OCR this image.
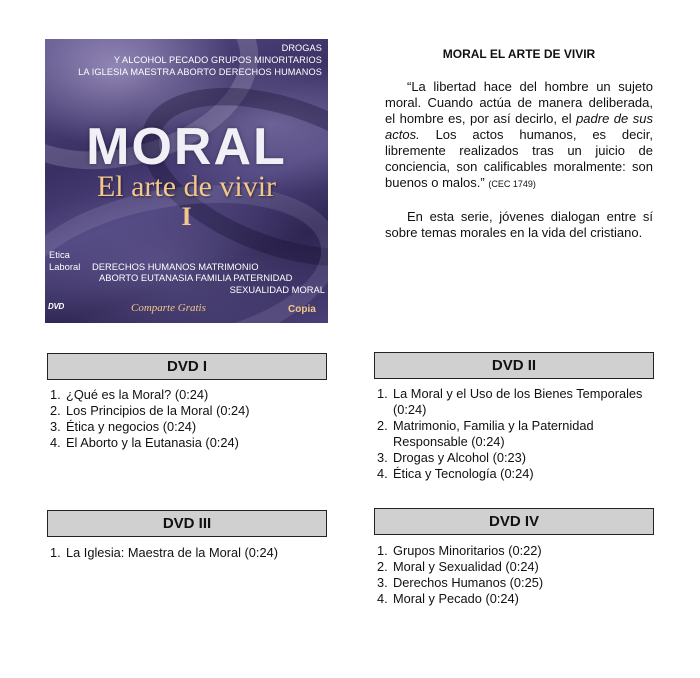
DROGAS
Y ALCOHOL PECADO GRUPOS MINORITARIOS
LA IGLESIA MAESTRA ABORTO DERECHOS HUMANOS
MORAL
El arte de vivir
I
Etica
Laboral DERECHOS HUMANOS MATRIMONIO
ABORTO EUTANASIA FAMILIA PATERNIDAD
SEXUALIDAD MORAL
DVD	Comparte Gratis	Copia
MORAL EL ARTE DE VIVIR

“La libertad hace del hombre un sujeto moral. Cuando actúa de manera deliberada, el hombre es, por así decirlo, el padre de sus actos. Los actos humanos, es decir, libremente realizados tras un juicio de conciencia, son calificables moralmente: son buenos o malos.” (CEC 1749)

En esta serie, jóvenes dialogan entre sí sobre temas morales en la vida del cristiano.

DVD I
1. ¿Qué es la Moral? (0:24)
2. Los Principios de la Moral (0:24)
3. Ética y negocios (0:24)
4. El Aborto y la Eutanasia (0:24)
DVD II
1. La Moral y el Uso de los Bienes Temporales (0:24)
2. Matrimonio, Familia y la Paternidad Responsable (0:24)
3. Drogas y Alcohol (0:23)
4. Ética y Tecnología (0:24)
DVD III
1. La Iglesia: Maestra de la Moral (0:24)
DVD IV
1. Grupos Minoritarios (0:22)
2. Moral y Sexualidad (0:24)
3. Derechos Humanos (0:25)
4. Moral y Pecado (0:24)
